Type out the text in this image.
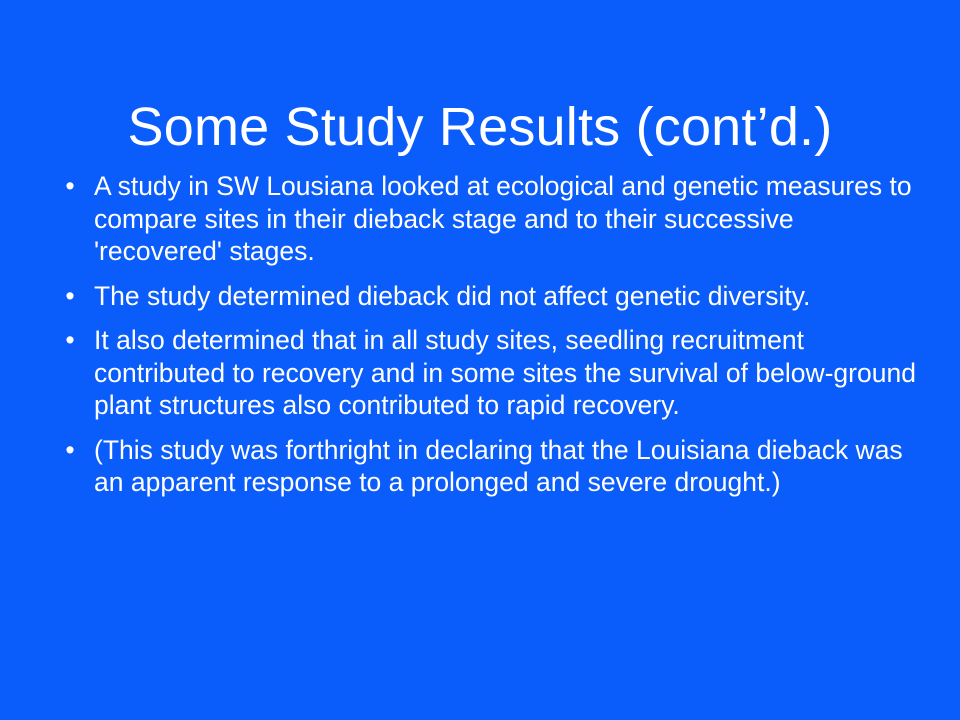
Some Study Results (cont’d.)
• A study in SW Lousiana looked at ecological and genetic measures to compare sites in their dieback stage and to their successive 'recovered' stages.
• The study determined dieback did not affect genetic diversity.
• It also determined that in all study sites, seedling recruitment contributed to recovery and in some sites the survival of below-ground plant structures also contributed to rapid recovery.
• (This study was forthright in declaring that the Louisiana dieback was an apparent response to a prolonged and severe drought.)
